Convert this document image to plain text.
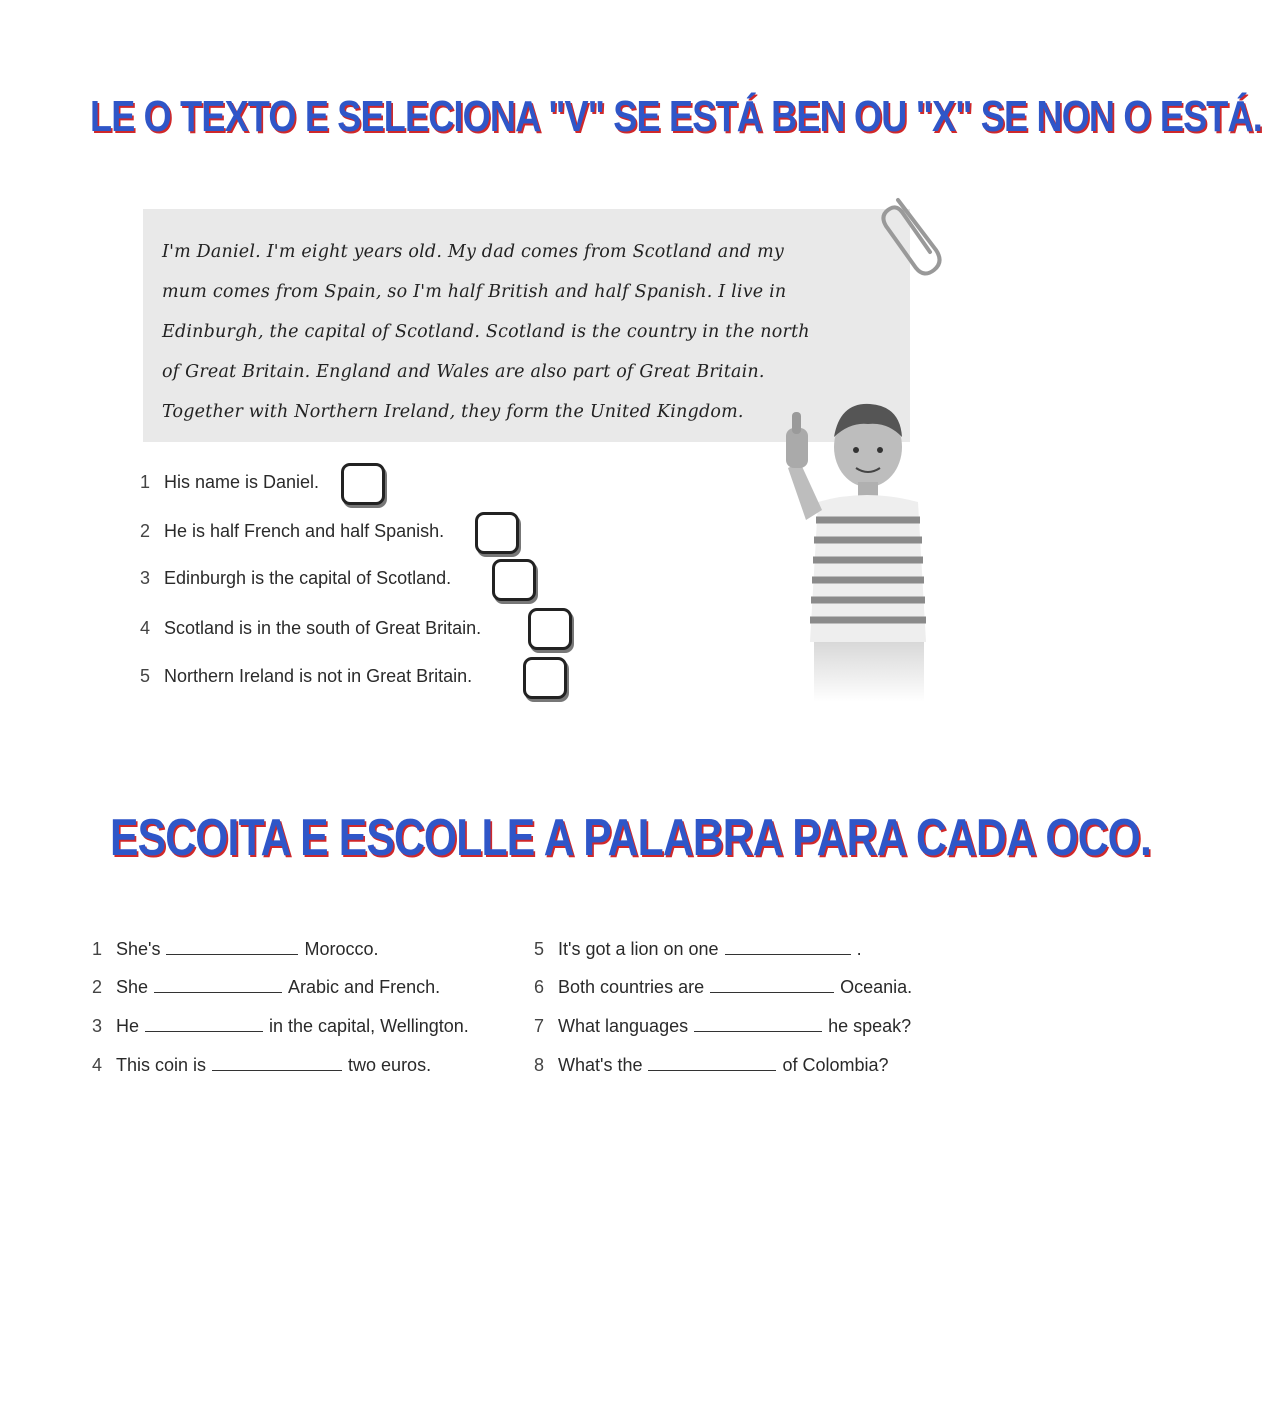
LE O TEXTO E SELECIONA "V" SE ESTÁ BEN OU "X" SE NON O ESTÁ.
I'm Daniel. I'm eight years old. My dad comes from Scotland and my
mum comes from Spain, so I'm half British and half Spanish. I live in
Edinburgh, the capital of Scotland. Scotland is the country in the north
of Great Britain. England and Wales are also part of Great Britain.
Together with Northern Ireland, they form the United Kingdom.
1 His name is Daniel.
2 He is half French and half Spanish.
3 Edinburgh is the capital of Scotland.
4 Scotland is in the south of Great Britain.
5 Northern Ireland is not in Great Britain.
ESCOITA E ESCOLLE A PALABRA PARA CADA OCO.
1 She's	Morocco.
2 She	Arabic and French.
3 He	in the capital, Wellington.
4 This coin is	two euros.
5 It's got a lion on one	.
6 Both countries are	Oceania.
7 What languages	he speak?
8 What's the	of Colombia?
